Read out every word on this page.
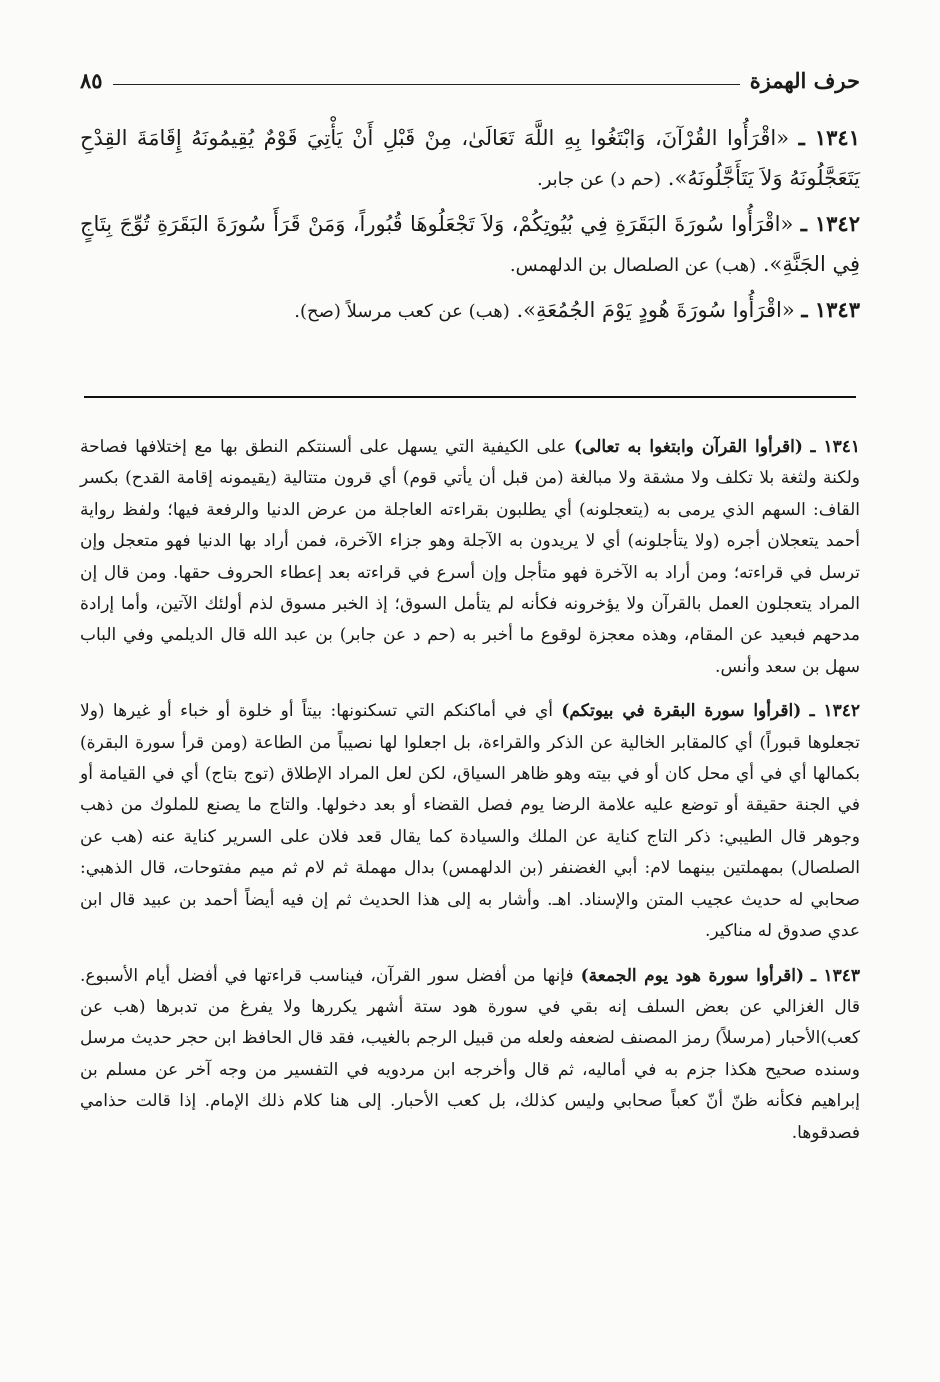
حرف الهمزة
٨٥

١٣٤١ ـ «اقْرَأُوا القُرْآنَ، وَابْتَغُوا بِهِ اللَّهَ تَعَالَىٰ، مِنْ قَبْلِ أَنْ يَأْتِيَ قَوْمٌ يُقِيمُونَهُ إِقَامَةَ القِدْحِ يَتَعَجَّلُونَهُ وَلاَ يَتَأَجَّلُونَهُ». (حم د) عن جابر.

١٣٤٢ ـ «اقْرَأُوا سُورَةَ البَقَرَةِ فِي بُيُوتِكُمْ، وَلاَ تَجْعَلُوهَا قُبُوراً، وَمَنْ قَرَأَ سُورَةَ البَقَرَةِ تُوِّجَ بِتَاجٍ فِي الجَنَّةِ». (هب) عن الصلصال بن الدلهمس.

١٣٤٣ ـ «اقْرَأُوا سُورَةَ هُودٍ يَوْمَ الجُمُعَةِ». (هب) عن كعب مرسلاً (صح).

١٣٤١ ـ (اقرأوا القرآن وابتغوا به تعالى) على الكيفية التي يسهل على ألسنتكم النطق بها مع إختلافها فصاحة ولكنة ولثغة بلا تكلف ولا مشقة ولا مبالغة (من قبل أن يأتي قوم) أي قرون متتالية (يقيمونه إقامة القدح) بكسر القاف: السهم الذي يرمى به (يتعجلونه) أي يطلبون بقراءته العاجلة من عرض الدنيا والرفعة فيها؛ ولفظ رواية أحمد يتعجلان أجره (ولا يتأجلونه) أي لا يريدون به الآجلة وهو جزاء الآخرة، فمن أراد بها الدنيا فهو متعجل وإن ترسل في قراءته؛ ومن أراد به الآخرة فهو متأجل وإن أسرع في قراءته بعد إعطاء الحروف حقها. ومن قال إن المراد يتعجلون العمل بالقرآن ولا يؤخرونه فكأنه لم يتأمل السوق؛ إذ الخبر مسوق لذم أولئك الآتين، وأما إرادة مدحهم فبعيد عن المقام، وهذه معجزة لوقوع ما أخبر به (حم د عن جابر) بن عبد الله قال الديلمي وفي الباب سهل بن سعد وأنس.

١٣٤٢ ـ (اقرأوا سورة البقرة في بيوتكم) أي في أماكنكم التي تسكنونها: بيتاً أو خلوة أو خباء أو غيرها (ولا تجعلوها قبوراً) أي كالمقابر الخالية عن الذكر والقراءة، بل اجعلوا لها نصيباً من الطاعة (ومن قرأ سورة البقرة) بكمالها أي في أي محل كان أو في بيته وهو ظاهر السياق، لكن لعل المراد الإطلاق (توج بتاج) أي في القيامة أو في الجنة حقيقة أو توضع عليه علامة الرضا يوم فصل القضاء أو بعد دخولها. والتاج ما يصنع للملوك من ذهب وجوهر قال الطيبي: ذكر التاج كناية عن الملك والسيادة كما يقال قعد فلان على السرير كناية عنه (هب عن الصلصال) بمهملتين بينهما لام: أبي الغضنفر (بن الدلهمس) بدال مهملة ثم لام ثم ميم مفتوحات، قال الذهبي: صحابي له حديث عجيب المتن والإسناد. اهـ. وأشار به إلى هذا الحديث ثم إن فيه أيضاً أحمد بن عبيد قال ابن عدي صدوق له مناكير.

١٣٤٣ ـ (اقرأوا سورة هود يوم الجمعة) فإنها من أفضل سور القرآن، فيناسب قراءتها في أفضل أيام الأسبوع. قال الغزالي عن بعض السلف إنه بقي في سورة هود ستة أشهر يكررها ولا يفرغ من تدبرها (هب عن كعب)الأحبار (مرسلاً) رمز المصنف لضعفه ولعله من قبيل الرجم بالغيب، فقد قال الحافظ ابن حجر حديث مرسل وسنده صحيح هكذا جزم به في أماليه، ثم قال وأخرجه ابن مردويه في التفسير من وجه آخر عن مسلم بن إبراهيم فكأنه ظنّ أنّ كعباً صحابي وليس كذلك، بل كعب الأحبار. إلى هنا كلام ذلك الإمام. إذا قالت حذامي فصدقوها.
